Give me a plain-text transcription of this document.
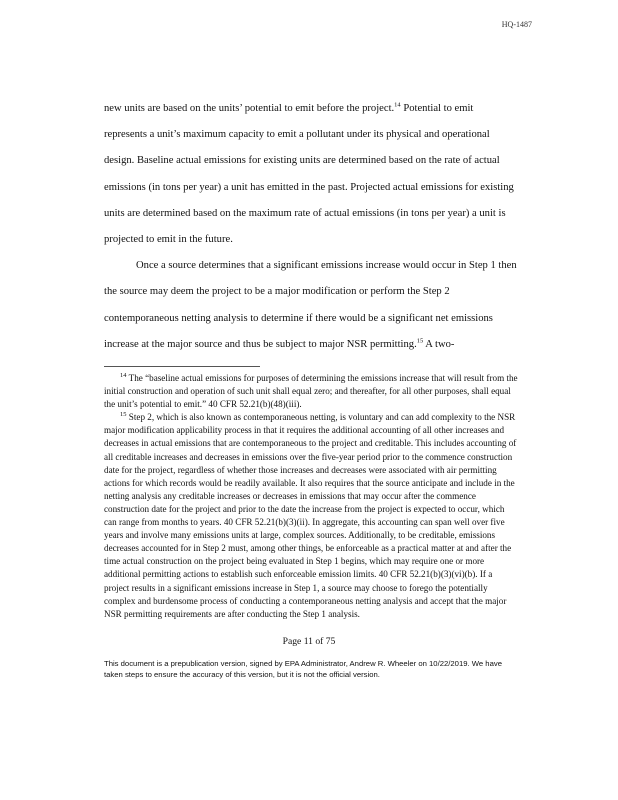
HQ-1487

new units are based on the units’ potential to emit before the project.$^{14}$ Potential to emit represents a unit’s maximum capacity to emit a pollutant under its physical and operational design. Baseline actual emissions for existing units are determined based on the rate of actual emissions (in tons per year) a unit has emitted in the past. Projected actual emissions for existing units are determined based on the maximum rate of actual emissions (in tons per year) a unit is projected to emit in the future.

Once a source determines that a significant emissions increase would occur in Step 1 then the source may deem the project to be a major modification or perform the Step 2 contemporaneous netting analysis to determine if there would be a significant net emissions increase at the major source and thus be subject to major NSR permitting.$^{15}$ A two-

$^{14}$ The “baseline actual emissions for purposes of determining the emissions increase that will result from the initial construction and operation of such unit shall equal zero; and thereafter, for all other purposes, shall equal the unit’s potential to emit.” 40 CFR 52.21(b)(48)(iii).

$^{15}$ Step 2, which is also known as contemporaneous netting, is voluntary and can add complexity to the NSR major modification applicability process in that it requires the additional accounting of all other increases and decreases in actual emissions that are contemporaneous to the project and creditable. This includes accounting of all creditable increases and decreases in emissions over the five-year period prior to the commence construction date for the project, regardless of whether those increases and decreases were associated with air permitting actions for which records would be readily available. It also requires that the source anticipate and include in the netting analysis any creditable increases or decreases in emissions that may occur after the commence construction date for the project and prior to the date the increase from the project is expected to occur, which can range from months to years. 40 CFR 52.21(b)(3)(ii). In aggregate, this accounting can span well over five years and involve many emissions units at large, complex sources. Additionally, to be creditable, emissions decreases accounted for in Step 2 must, among other things, be enforceable as a practical matter at and after the time actual construction on the project being evaluated in Step 1 begins, which may require one or more additional permitting actions to establish such enforceable emission limits. 40 CFR 52.21(b)(3)(vi)(b). If a project results in a significant emissions increase in Step 1, a source may choose to forego the potentially complex and burdensome process of conducting a contemporaneous netting analysis and accept that the major NSR permitting requirements are after conducting the Step 1 analysis.

Page 11 of 75
This document is a prepublication version, signed by EPA Administrator, Andrew R. Wheeler on 10/22/2019. We have taken steps to ensure the accuracy of this version, but it is not the official version.
